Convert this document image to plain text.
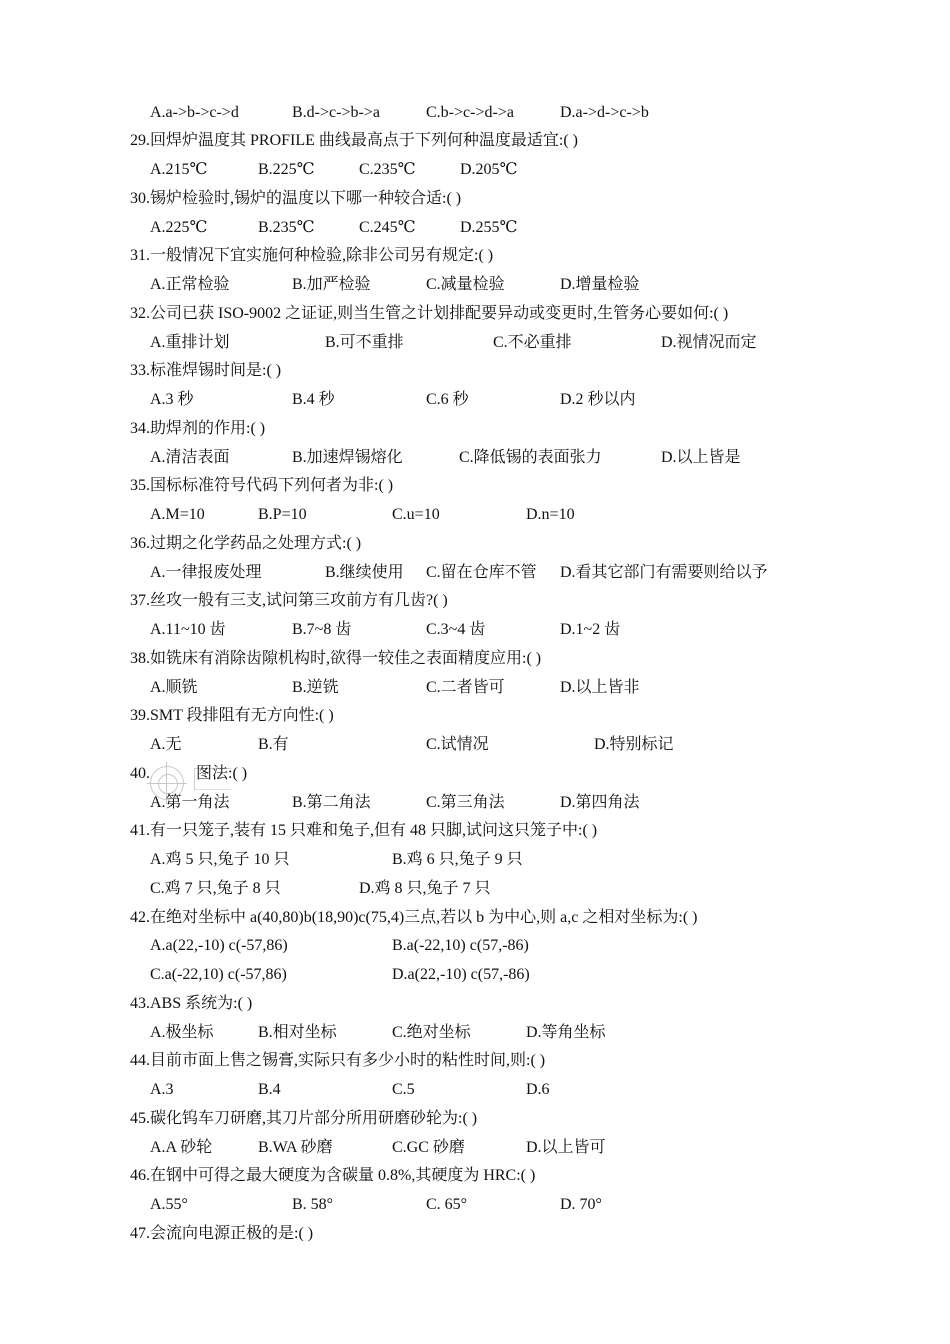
A.a->b->c->d	B.d->c->b->a	C.b->c->d->a	D.a->d->c->b
29.回焊炉温度其 PROFILE 曲线最高点于下列何种温度最适宜:( )
A.215℃	B.225℃	C.235℃	D.205℃
30.锡炉检验时,锡炉的温度以下哪一种较合适:( )
A.225℃	B.235℃	C.245℃	D.255℃
31.一般情况下宜实施何种检验,除非公司另有规定:( )
A.正常检验	B.加严检验	C.减量检验	D.增量检验
32.公司已获 ISO-9002 之证证,则当生管之计划排配要异动或变更时,生管务心要如何:( )
A.重排计划	B.可不重排	C.不必重排	D.视情况而定
33.标准焊锡时间是:( )
A.3 秒	B.4 秒	C.6 秒	D.2 秒以内
34.助焊剂的作用:( )
A.清洁表面	B.加速焊锡熔化	C.降低锡的表面张力	D.以上皆是
35.国标标准符号代码下列何者为非:( )
A.M=10	B.P=10	C.u=10	D.n=10
36.过期之化学药品之处理方式:( )
A.一律报废处理	B.继续使用 C.留在仓库不管 D.看其它部门有需要则给以予
37.丝攻一般有三支,试问第三攻前方有几齿?( )
A.11~10 齿	B.7~8 齿	C.3~4 齿	D.1~2 齿
38.如铣床有消除齿隙机构时,欲得一较佳之表面精度应用:( )
A.顺铣	B.逆铣	C.二者皆可	D.以上皆非
39.SMT 段排阻有无方向性:( )
A.无	B.有	C.试情况	D.特别标记
40.	图法:( )
A.第一角法	B.第二角法	C.第三角法	D.第四角法
41.有一只笼子,装有 15 只难和兔子,但有 48 只脚,试问这只笼子中:( )
A.鸡 5 只,兔子 10 只	B.鸡 6 只,兔子 9 只
C.鸡 7 只,兔子 8 只	D.鸡 8 只,兔子 7 只
42.在绝对坐标中 a(40,80)b(18,90)c(75,4)三点,若以 b 为中心,则 a,c 之相对坐标为:( )
A.a(22,-10) c(-57,86)	B.a(-22,10) c(57,-86)
C.a(-22,10) c(-57,86)	D.a(22,-10) c(57,-86)
43.ABS 系统为:( )
A.极坐标	B.相对坐标	C.绝对坐标	D.等角坐标
44.目前市面上售之锡膏,实际只有多少小时的粘性时间,则:( )
A.3	B.4	C.5	D.6
45.碳化钨车刀研磨,其刀片部分所用研磨砂轮为:( )
A.A 砂轮	B.WA 砂磨	C.GC 砂磨	D.以上皆可
46.在钢中可得之最大硬度为含碳量 0.8%,其硬度为 HRC:( )
A.55°	B. 58°	C. 65°	D. 70°
47.会流向电源正极的是:( )
